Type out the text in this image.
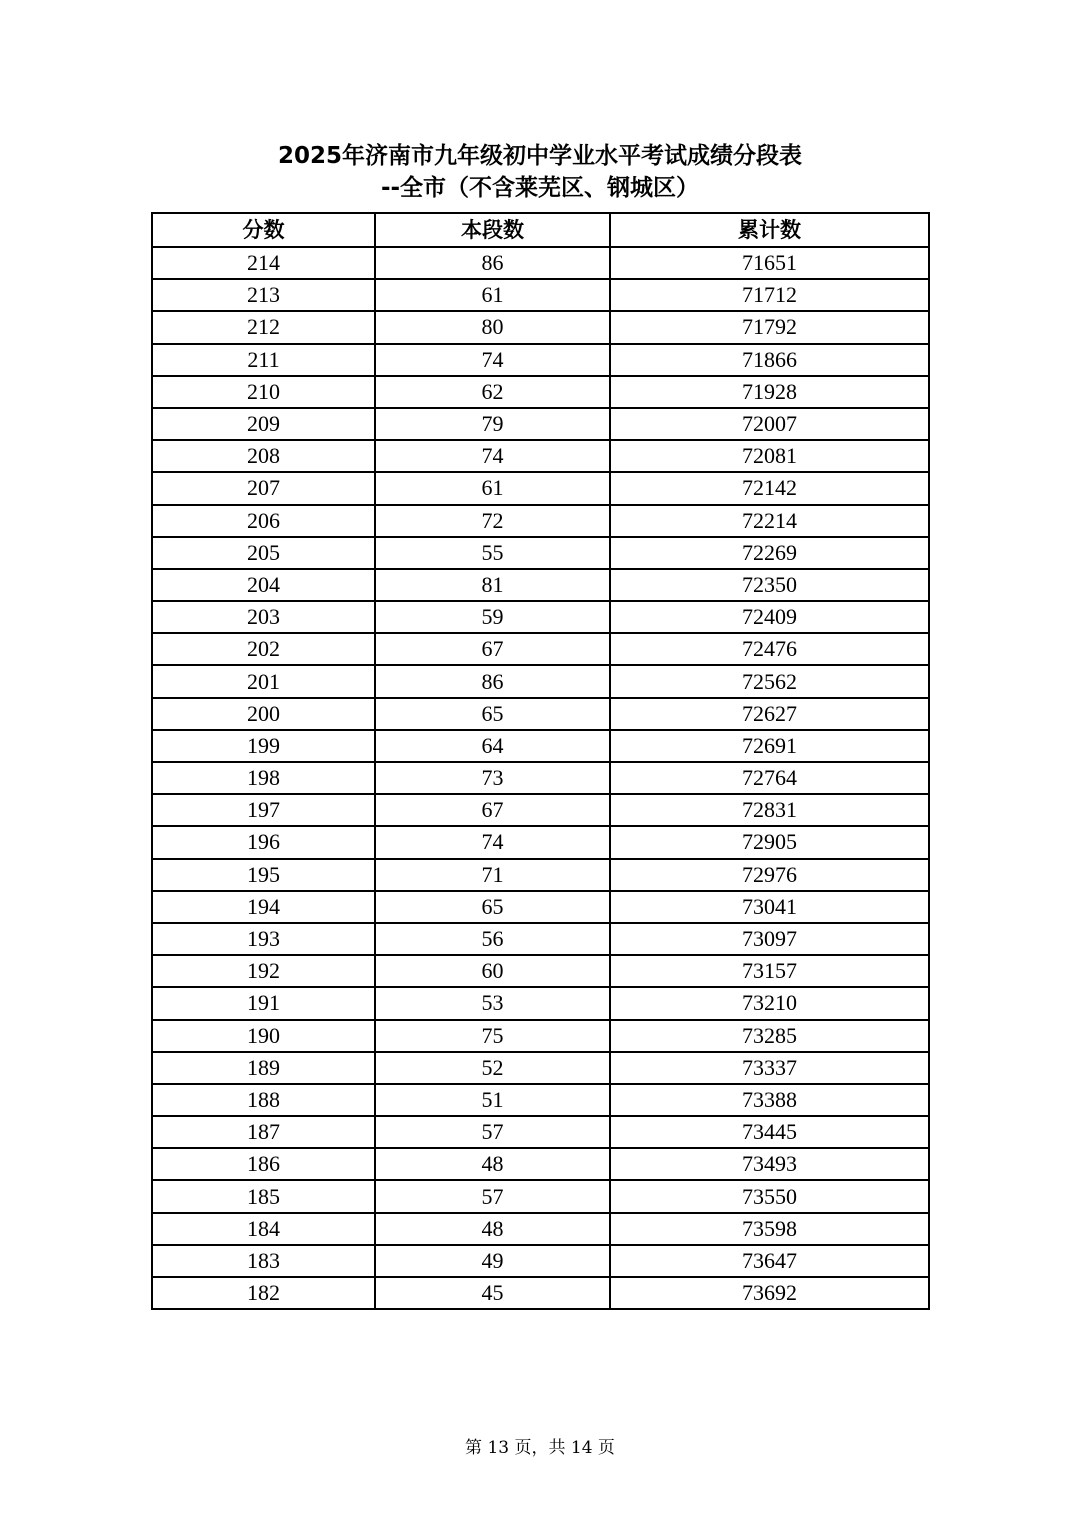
2025年济南市九年级初中学业水平考试成绩分段表
--全市（不含莱芜区、钢城区）
分数	本段数	累计数
214	86	71651
213	61	71712
212	80	71792
211	74	71866
210	62	71928
209	79	72007
208	74	72081
207	61	72142
206	72	72214
205	55	72269
204	81	72350
203	59	72409
202	67	72476
201	86	72562
200	65	72627
199	64	72691
198	73	72764
197	67	72831
196	74	72905
195	71	72976
194	65	73041
193	56	73097
192	60	73157
191	53	73210
190	75	73285
189	52	73337
188	51	73388
187	57	73445
186	48	73493
185	57	73550
184	48	73598
183	49	73647
182	45	73692
第 13 页，共 14 页
